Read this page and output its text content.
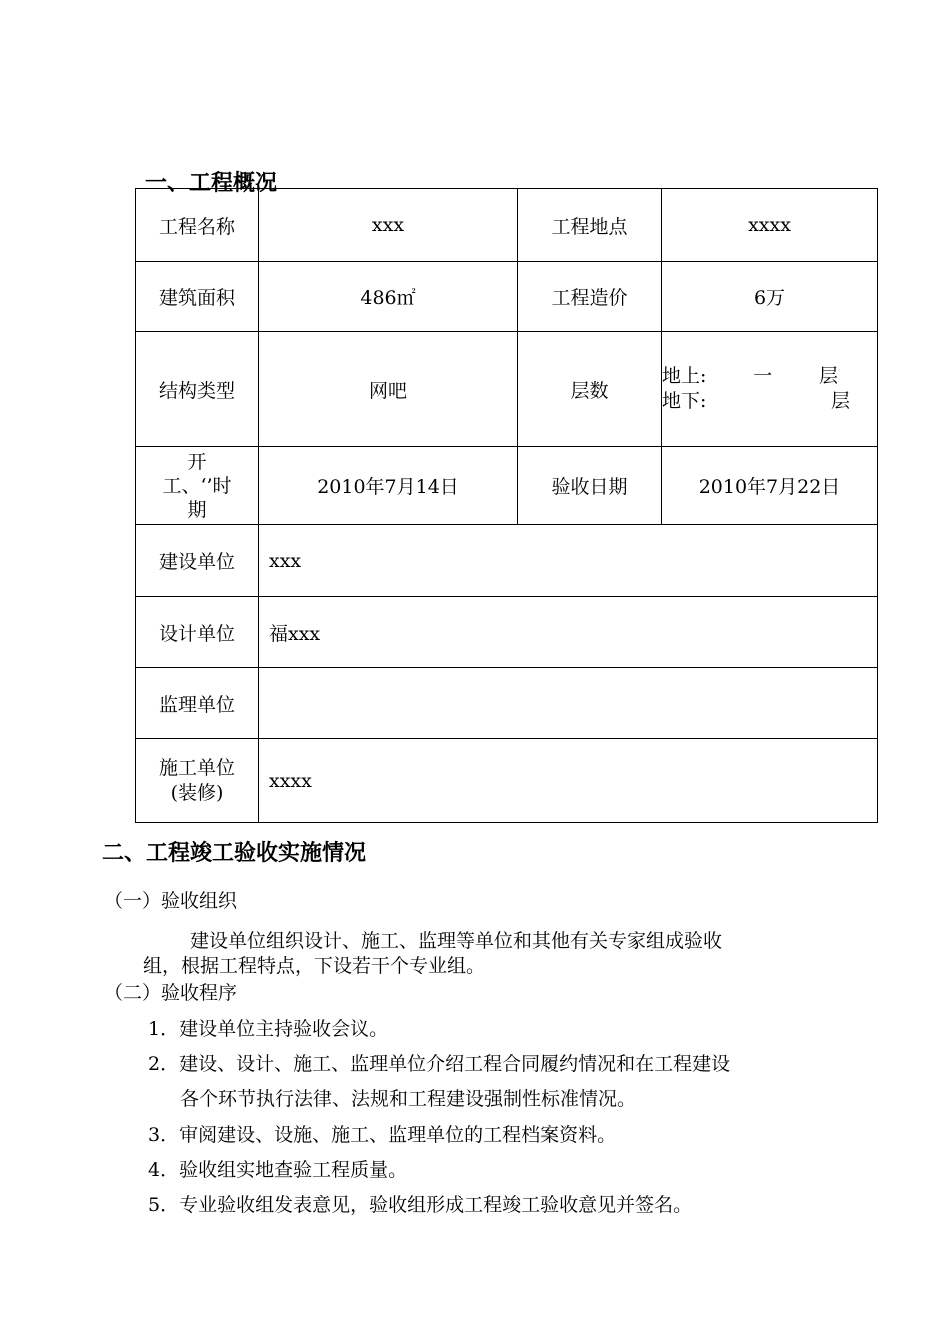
一、工程概况
工程名称	xxx	工程地点	xxxx
建筑面积	486㎡	工程造价	6万
结构类型	网吧	层数	地上: 一 层
地下: 层

开
工、‘’时
期	2010年7月14日	验收日期	2010年7月22日
建设单位	xxx		
设计单位	福xxx		
监理单位			

施工单位
(装修)	xxxx		
二、工程竣工验收实施情况
（一）验收组织
建设单位组织设计、施工、监理等单位和其他有关专家组成验收
组，根据工程特点，下设若干个专业组。
（二）验收程序
1．建设单位主持验收会议。
2．建设、设计、施工、监理单位介绍工程合同履约情况和在工程建设
各个环节执行法律、法规和工程建设强制性标准情况。
3．审阅建设、设施、施工、监理单位的工程档案资料。
4．验收组实地查验工程质量。
5．专业验收组发表意见，验收组形成工程竣工验收意见并签名。
